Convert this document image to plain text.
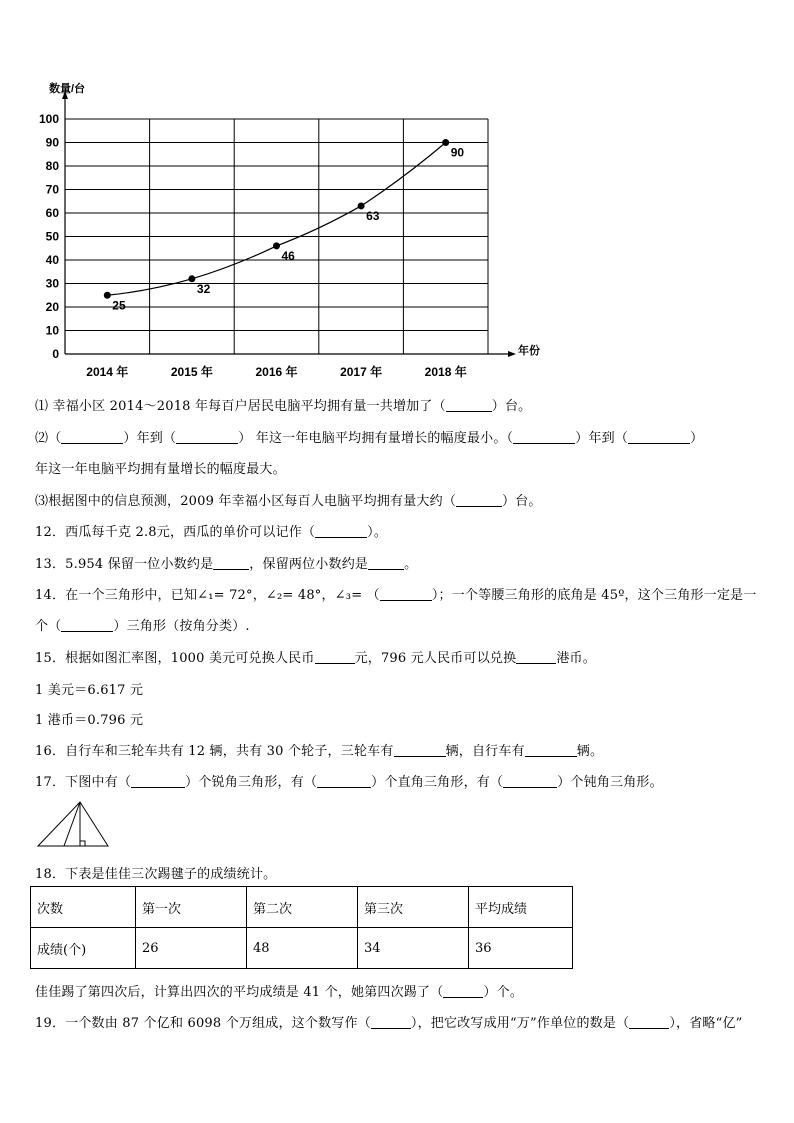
0
10
20
30
40
50
60
70
80
90
100
数量/台
年份
2014 年	2015 年	2016 年	2017 年	2018 年
25
32
46
63
90
⑴ 幸福小区 2014～2018 年每百户居民电脑平均拥有量一共增加了（	）台。
⑵（	）年到（	） 年这一年电脑平均拥有量增长的幅度最小。（	）年到（	）
年这一年电脑平均拥有量增长的幅度最大。
⑶根据图中的信息预测，2009 年幸福小区每百人电脑平均拥有量大约（	）台。
12．西瓜每千克 2.8元，西瓜的单价可以记作（	）。
13．5.954 保留一位小数约是	，保留两位小数约是	。
14．在一个三角形中，已知∠₁= 72°，∠₂= 48°，∠₃= （	）；一个等腰三角形的底角是 45º，这个三角形一定是一
个（	）三角形（按角分类）.
15．根据如图汇率图，1000 美元可兑换人民币	元，796 元人民币可以兑换	港币。
1 美元＝6.617 元
1 港币＝0.796 元
16．自行车和三轮车共有 12 辆，共有 30 个轮子，三轮车有	辆，自行车有	辆。
17．下图中有（	）个锐角三角形，有（	）个直角三角形，有（	）个钝角三角形。
18．下表是佳佳三次踢毽子的成绩统计。
次数	第一次	第二次	第三次	平均成绩
成绩(个)	26	48	34	36
佳佳踢了第四次后，计算出四次的平均成绩是 41 个，她第四次踢了（	）个。
19．一个数由 87 个亿和 6098 个万组成，这个数写作（	），把它改写成用“万”作单位的数是（	），省略“亿”
